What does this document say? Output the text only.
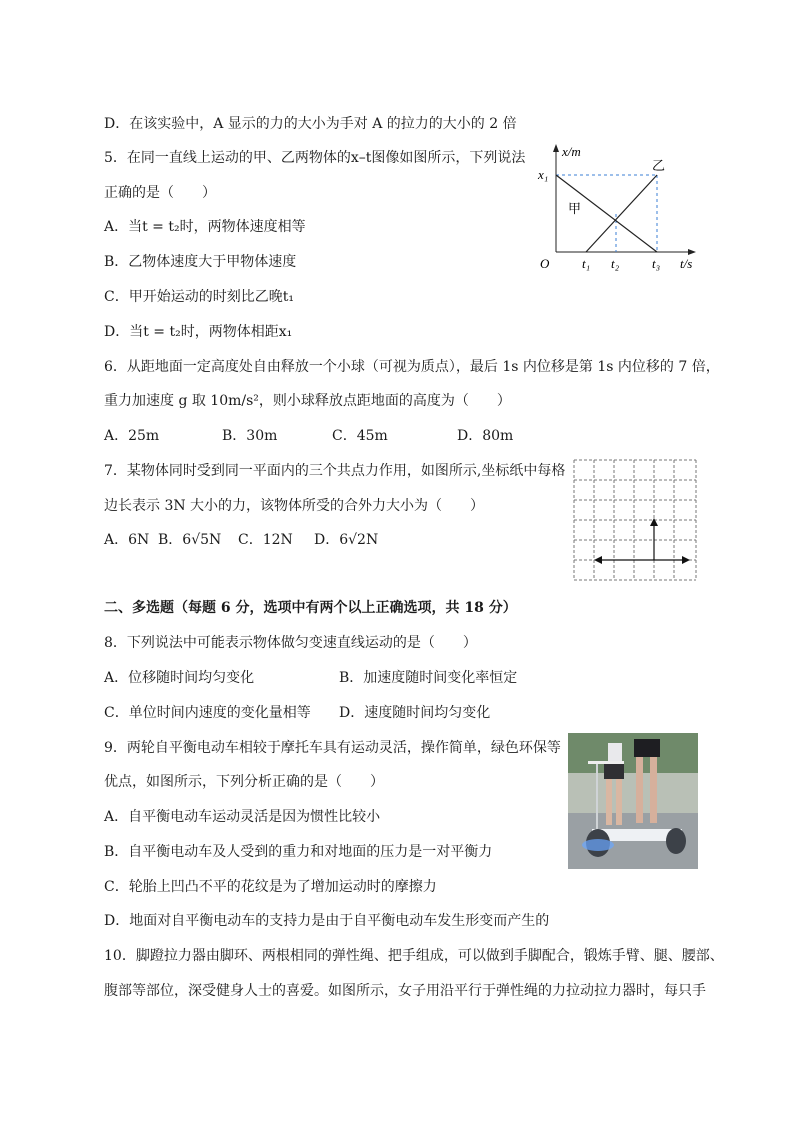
D．在该实验中，A 显示的力的大小为手对 A 的拉力的大小的 2 倍
5．在同一直线上运动的甲、乙两物体的x–t图像如图所示，下列说法
正确的是（　　）
A．当t = t₂时，两物体速度相等
B．乙物体速度大于甲物体速度
C．甲开始运动的时刻比乙晚t₁
D．当t = t₂时，两物体相距x₁
x/m
x₁
甲
乙
O	t₁ t₂	t₃ t/s
6．从距地面一定高度处自由释放一个小球（可视为质点），最后 1s 内位移是第 1s 内位移的 7 倍，
重力加速度 g 取 10m/s²，则小球释放点距地面的高度为（　　）
A．25m	B．30m	C．45m	D．80m
7．某物体同时受到同一平面内的三个共点力作用，如图所示,坐标纸中每格
边长表示 3N 大小的力，该物体所受的合外力大小为（　　）
A．6N B．6√5N C．12N D．6√2N
二、多选题（每题 6 分，选项中有两个以上正确选项，共 18 分）
8．下列说法中可能表示物体做匀变速直线运动的是（　　）
A．位移随时间均匀变化	B．加速度随时间变化率恒定
C．单位时间内速度的变化量相等 D．速度随时间均匀变化
9．两轮自平衡电动车相较于摩托车具有运动灵活，操作简单，绿色环保等
优点，如图所示，下列分析正确的是（　　）
A．自平衡电动车运动灵活是因为惯性比较小
B．自平衡电动车及人受到的重力和对地面的压力是一对平衡力
C．轮胎上凹凸不平的花纹是为了增加运动时的摩擦力
D．地面对自平衡电动车的支持力是由于自平衡电动车发生形变而产生的
10．脚蹬拉力器由脚环、两根相同的弹性绳、把手组成，可以做到手脚配合，锻炼手臂、腿、腰部、
腹部等部位，深受健身人士的喜爱。如图所示，女子用沿平行于弹性绳的力拉动拉力器时，每只手
